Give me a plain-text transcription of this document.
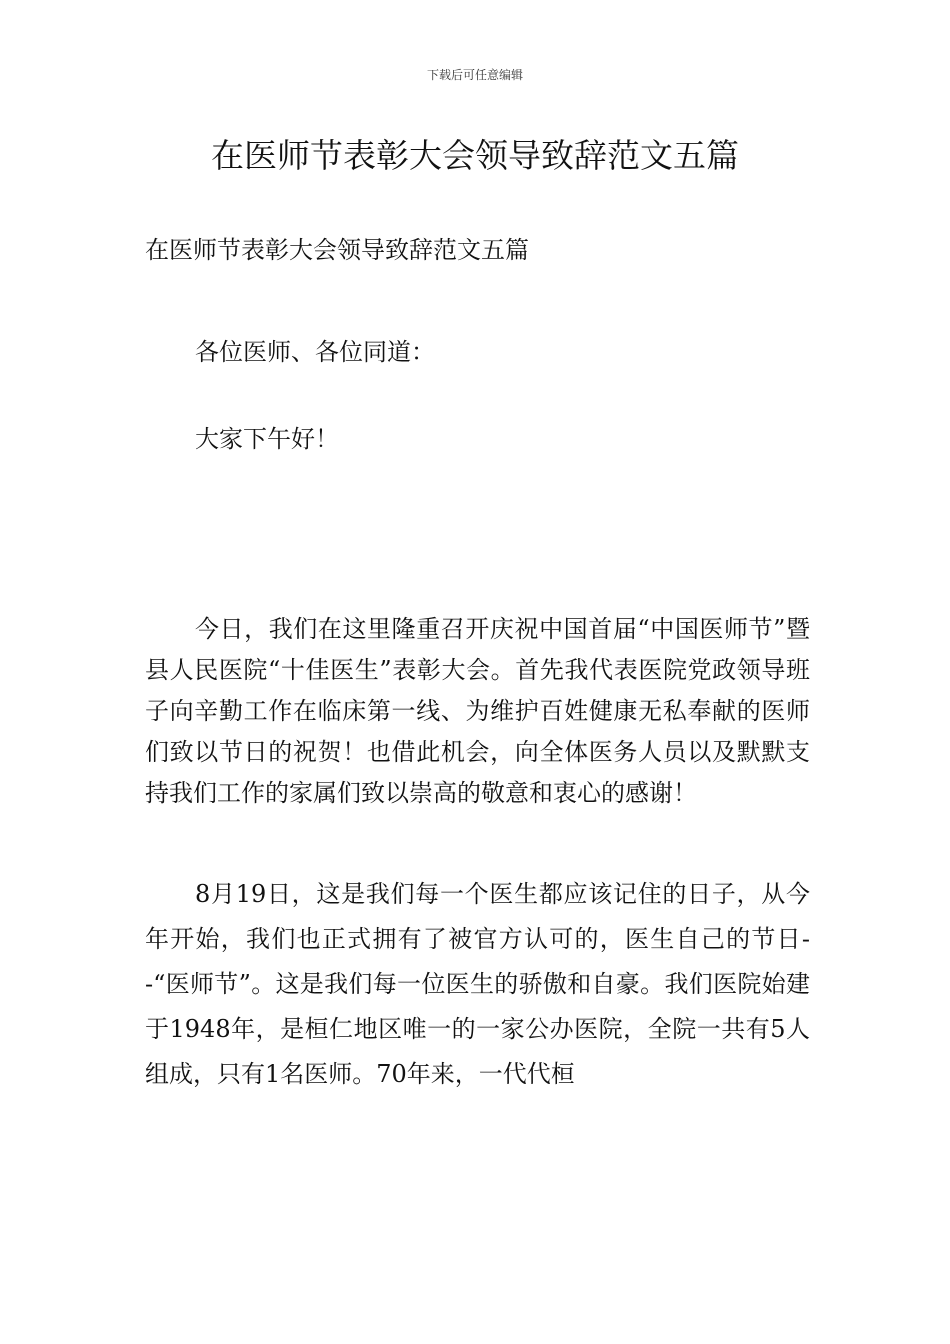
下载后可任意编辑
在医师节表彰大会领导致辞范文五篇

在医师节表彰大会领导致辞范文五篇

各位医师、各位同道：

大家下午好！

今日，我们在这里隆重召开庆祝中国首届“中国医师节”暨县人民医院“十佳医生”表彰大会。首先我代表医院党政领导班子向辛勤工作在临床第一线、为维护百姓健康无私奉献的医师们致以节日的祝贺！也借此机会，向全体医务人员以及默默支持我们工作的家属们致以崇高的敬意和衷心的感谢！

8月19日，这是我们每一个医生都应该记住的日子，从今年开始，我们也正式拥有了被官方认可的，医生自己的节日--“医师节”。这是我们每一位医生的骄傲和自豪。我们医院始建于1948年，是桓仁地区唯一的一家公办医院，全院一共有5人组成，只有1名医师。70年来，一代代桓
